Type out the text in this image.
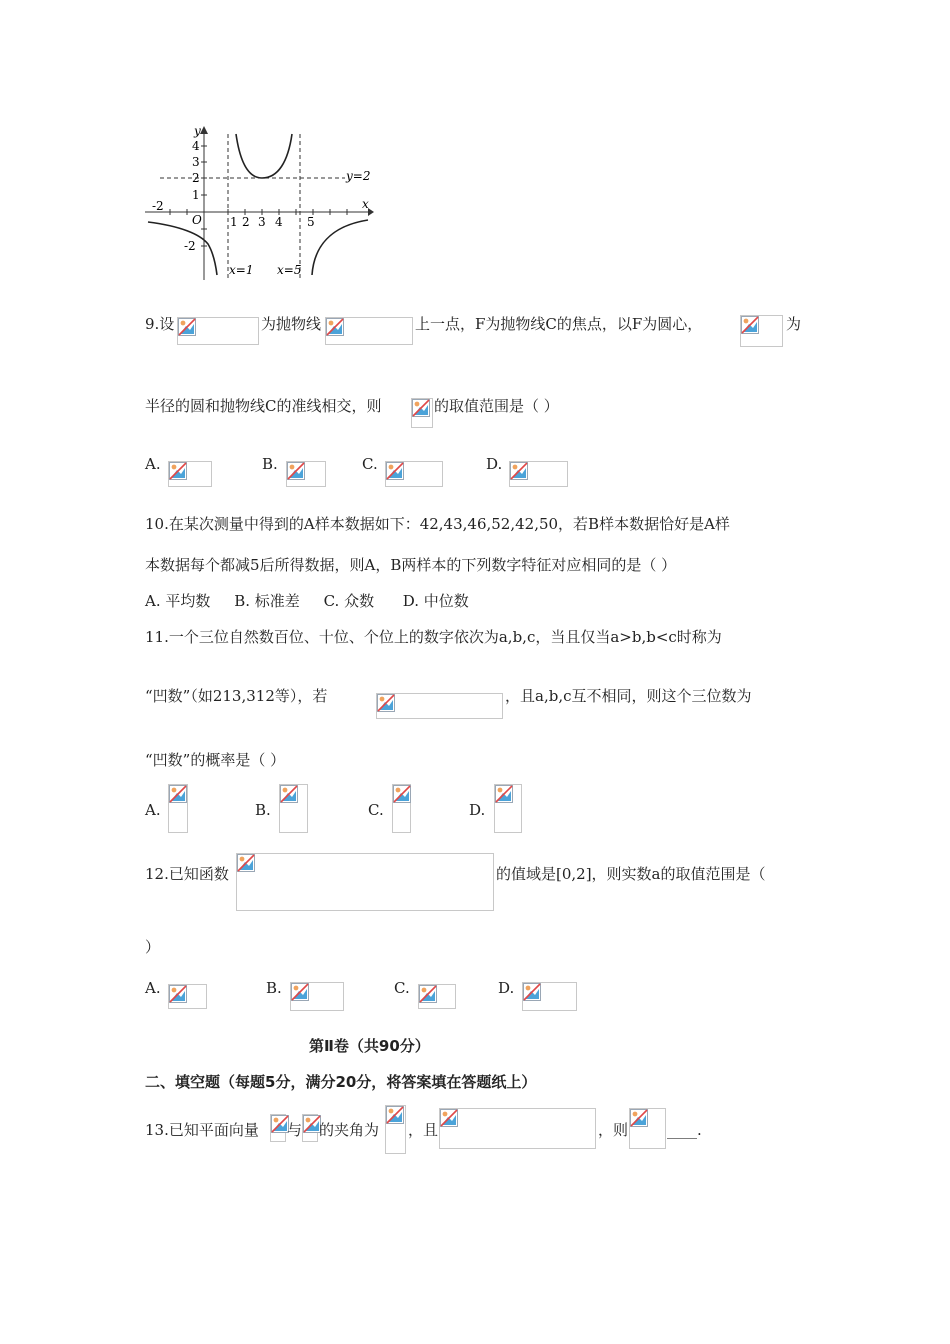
y
x
4
3
2
1
-2
-2
O 1 2 3 4 5
y=2
x=1 x=5
9.设	为抛物线	上一点，F为抛物线C的焦点，以F为圆心，	为
半径的圆和抛物线C的准线相交，则	的取值范围是（ ）
A.	B.	C.	D.
10.在某次测量中得到的A样本数据如下：42,43,46,52,42,50，若B样本数据恰好是A样
本数据每个都减5后所得数据，则A，B两样本的下列数字特征对应相同的是（ ）
A. 平均数     B. 标准差     C. 众数      D. 中位数
11.一个三位自然数百位、十位、个位上的数字依次为a,b,c，当且仅当a>b,b<c时称为
“凹数”（如213,312等），若	，且a,b,c互不相同，则这个三位数为
“凹数”的概率是（ ）
A.	B.	C.	D.
12.已知函数	的值域是[0,2]，则实数a的取值范围是（
）
A.	B.	C.	D.
第Ⅱ卷（共90分）
二、填空题（每题5分，满分20分，将答案填在答题纸上）
13.已知平面向量 与 的夹角为 ，且	，则	____.
